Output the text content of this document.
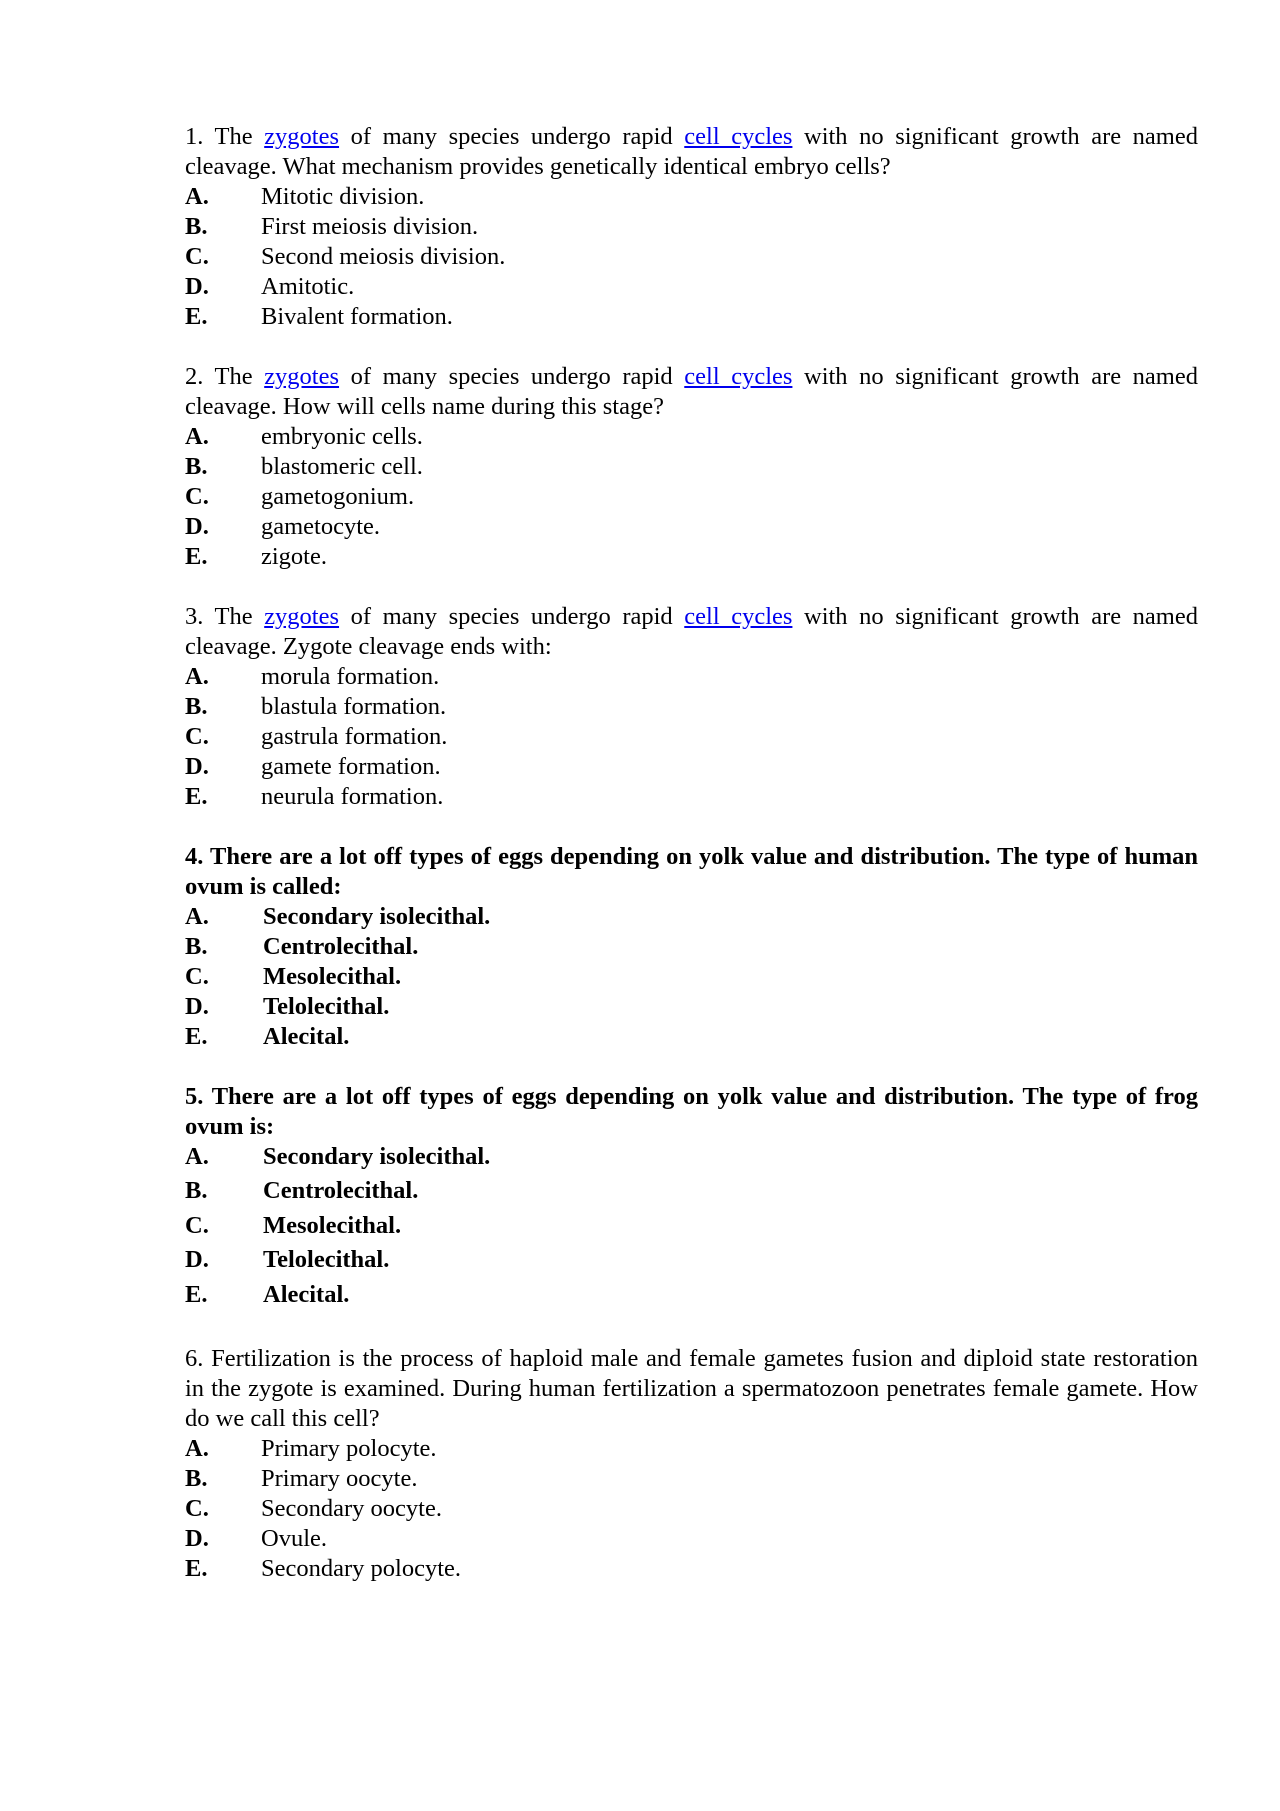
1. The zygotes of many species undergo rapid cell cycles with no significant growth are named cleavage. What mechanism provides genetically identical embryo cells?

A.	Mitotic division.
B.	First meiosis division.
C.	Second meiosis division.
D.	Amitotic.
E.	Bivalent formation.

2. The zygotes of many species undergo rapid cell cycles with no significant growth are named cleavage. How will cells name during this stage?

A.	embryonic cells.
B.	blastomeric cell.
C.	gametogonium.
D.	gametocyte.
E.	zigote.

3. The zygotes of many species undergo rapid cell cycles with no significant growth are named cleavage. Zygote cleavage ends with:

A.	morula formation.
B.	blastula formation.
C.	gastrula formation.
D.	gamete formation.
E.	neurula formation.

4. There are a lot off types of eggs depending on yolk value and distribution. The type of human ovum is called:

A.	Secondary isolecithal.
B.	Centrolecithal.
C.	Mesolecithal.
D.	Telolecithal.
E.	Alecital.

5. There are a lot off types of eggs depending on yolk value and distribution. The type of frog ovum is:

A.	Secondary isolecithal.
B.	Centrolecithal.
C.	Mesolecithal.
D.	Telolecithal.
E.	Alecital.

6. Fertilization is the process of haploid male and female gametes fusion and diploid state restoration in the zygote is examined. During human fertilization a spermatozoon penetrates female gamete. How do we call this cell?

A.	Primary polocyte.
B.	Primary oocyte.
C.	Secondary oocyte.
D.	Ovule.
E.	Secondary polocyte.
